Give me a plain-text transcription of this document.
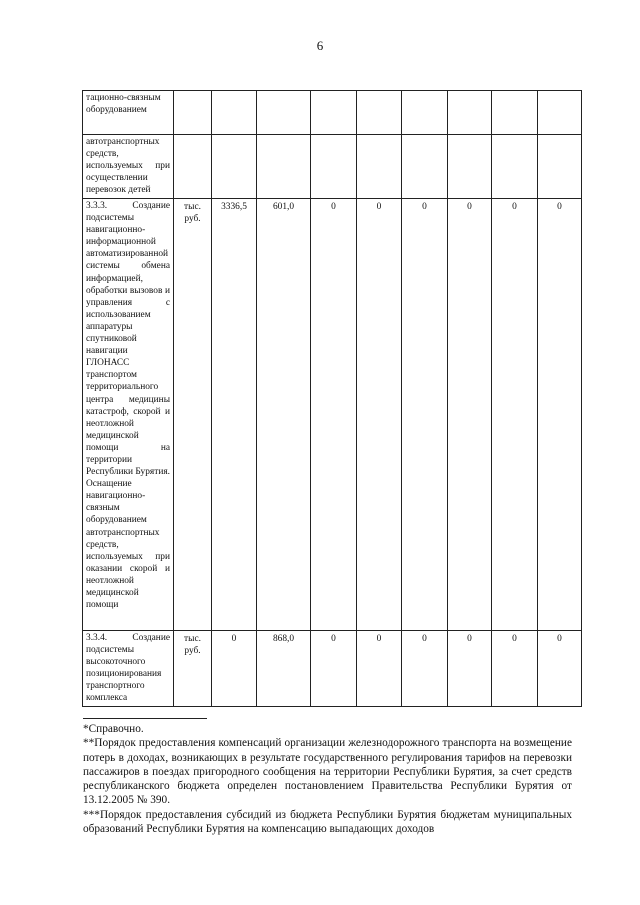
6
тационно-связным оборудованием									
автотранспортных средств, используемых при осуществлении перевозок детей									
3.3.3. Создание подсистемы навигационно-информационной автоматизированной системы обмена информацией, обработки вызовов и управления с использованием аппаратуры спутниковой навигации ГЛОНАСС транспортом территориального центра медицины катастроф, скорой и неотложной медицинской помощи на территории Республики Бурятия. Оснащение навигационно-связным оборудованием автотранспортных средств, используемых при оказании скорой и неотложной медицинской помощи	тыс. руб.	3336,5	601,0	0	0	0	0	0	0
3.3.4. Создание подсистемы высокоточного позиционирования транспортного комплекса	тыс. руб.	0	868,0	0	0	0	0	0	0

*Справочно.

**Порядок предоставления компенсаций организации железнодорожного транспорта на возмещение потерь в доходах, возникающих в результате государственного регулирования тарифов на перевозки пассажиров в поездах пригородного сообщения на территории Республики Бурятия, за счет средств республиканского бюджета определен постановлением Правительства Республики Бурятия от 13.12.2005 № 390.

***Порядок предоставления субсидий из бюджета Республики Бурятия бюджетам муниципальных образований Республики Бурятия на компенсацию выпадающих доходов
